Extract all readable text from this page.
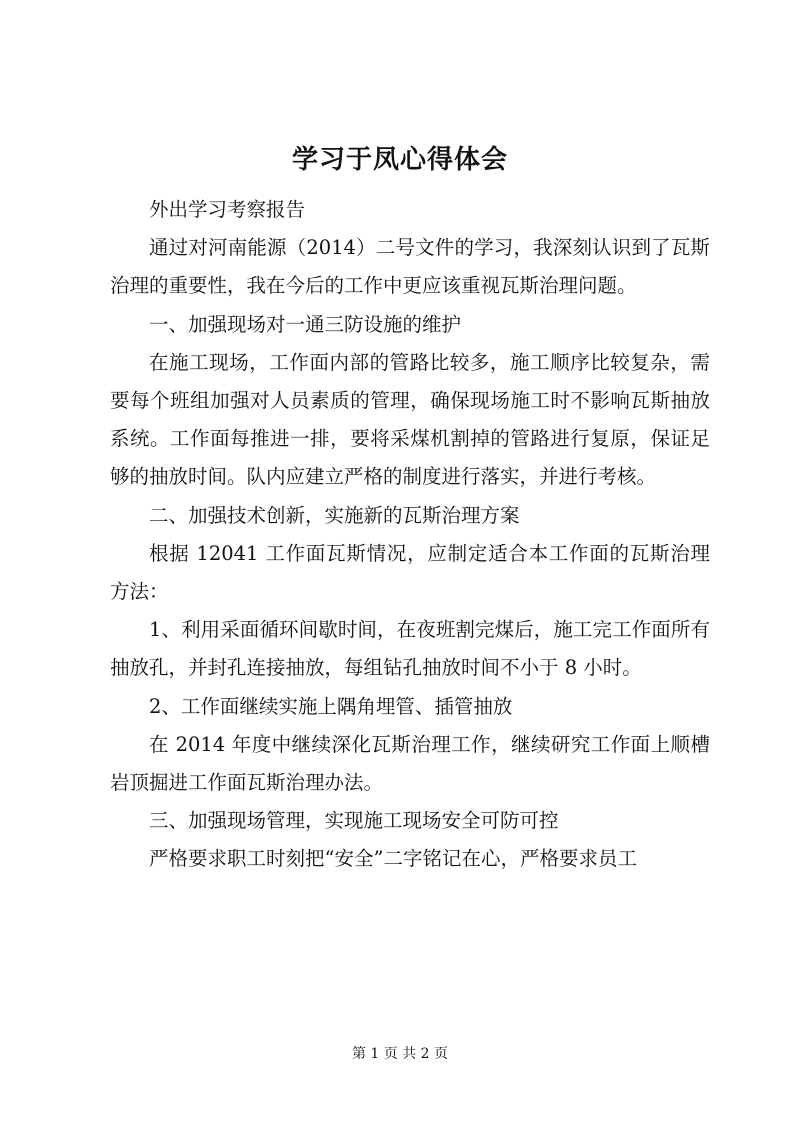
学习于凤心得体会

外出学习考察报告

通过对河南能源（2014）二号文件的学习，我深刻认识到了瓦斯治理的重要性，我在今后的工作中更应该重视瓦斯治理问题。

一、加强现场对一通三防设施的维护

在施工现场，工作面内部的管路比较多，施工顺序比较复杂，需要每个班组加强对人员素质的管理，确保现场施工时不影响瓦斯抽放系统。工作面每推进一排，要将采煤机割掉的管路进行复原，保证足够的抽放时间。队内应建立严格的制度进行落实，并进行考核。

二、加强技术创新，实施新的瓦斯治理方案

根据 12041 工作面瓦斯情况，应制定适合本工作面的瓦斯治理方法：

1、利用采面循环间歇时间，在夜班割完煤后，施工完工作面所有抽放孔，并封孔连接抽放，每组钻孔抽放时间不小于 8 小时。

2、工作面继续实施上隅角埋管、插管抽放

在 2014 年度中继续深化瓦斯治理工作，继续研究工作面上顺槽岩顶掘进工作面瓦斯治理办法。

三、加强现场管理，实现施工现场安全可防可控

严格要求职工时刻把“安全”二字铭记在心，严格要求员工

第 1 页 共 2 页
